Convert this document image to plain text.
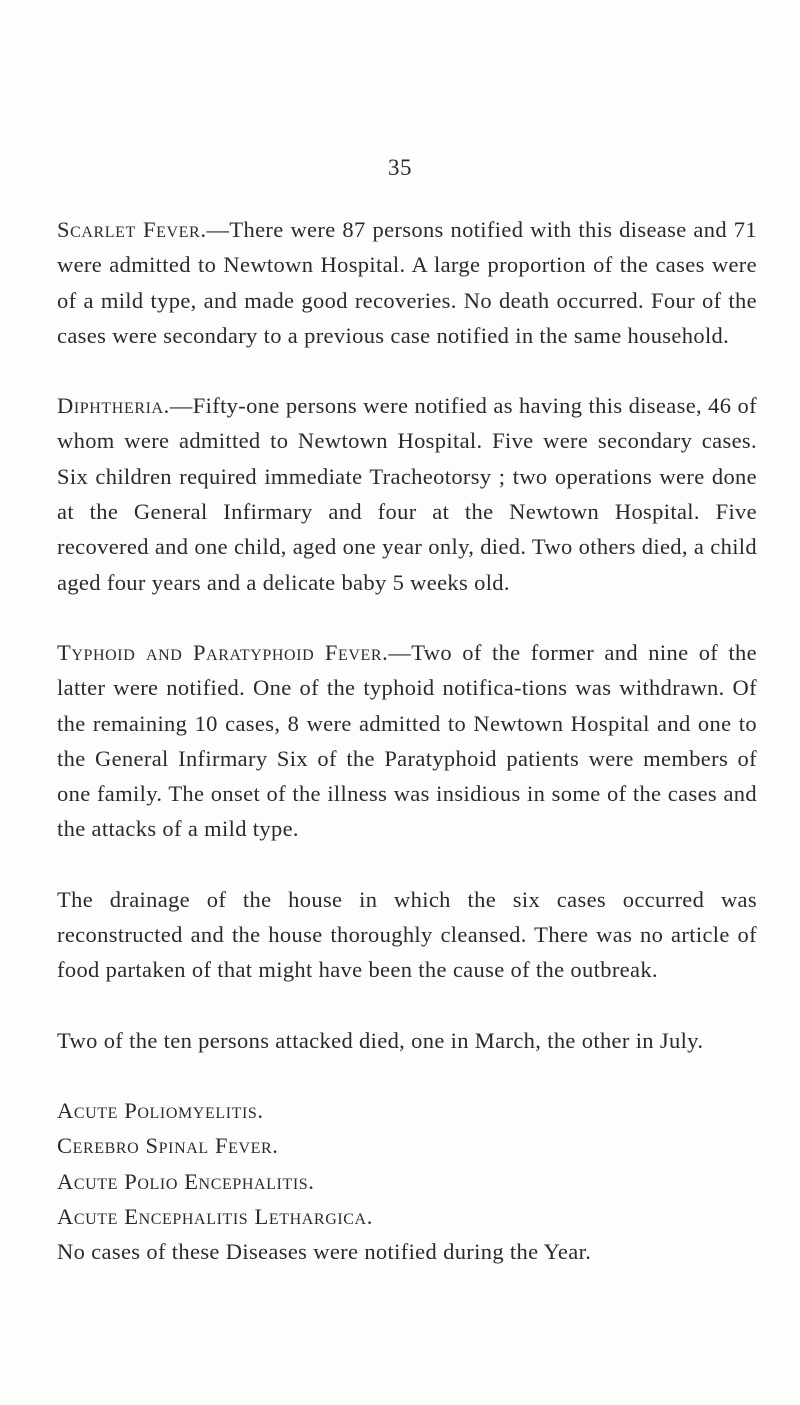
35

Scarlet Fever.—There were 87 persons notified with this disease and 71 were admitted to Newtown Hospital. A large proportion of the cases were of a mild type, and made good recoveries. No death occurred. Four of the cases were secondary to a previous case notified in the same household.

Diphtheria.—Fifty-one persons were notified as having this disease, 46 of whom were admitted to Newtown Hospital. Five were secondary cases. Six children required immediate Tracheotorsy ; two operations were done at the General Infirmary and four at the Newtown Hospital. Five recovered and one child, aged one year only, died. Two others died, a child aged four years and a delicate baby 5 weeks old.

Typhoid and Paratyphoid Fever.—Two of the former and nine of the latter were notified. One of the typhoid notifica-tions was withdrawn. Of the remaining 10 cases, 8 were admitted to Newtown Hospital and one to the General Infirmary Six of the Paratyphoid patients were members of one family. The onset of the illness was insidious in some of the cases and the attacks of a mild type.

The drainage of the house in which the six cases occurred was reconstructed and the house thoroughly cleansed. There was no article of food partaken of that might have been the cause of the outbreak.

Two of the ten persons attacked died, one in March, the other in July.

Acute Poliomyelitis.
Cerebro Spinal Fever.
Acute Polio Encephalitis.
Acute Encephalitis Lethargica.
No cases of these Diseases were notified during the Year.
